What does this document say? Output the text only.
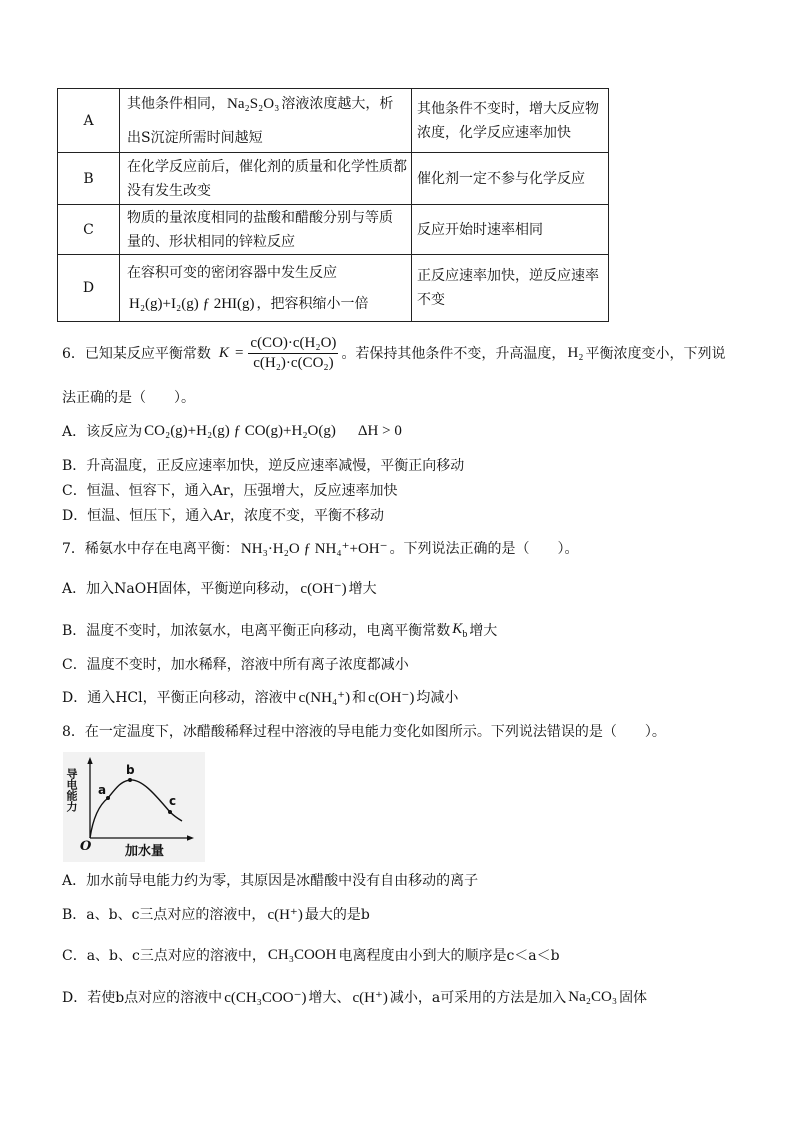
A
其他条件相同， Na₂S₂O₃ 溶液浓度越大，析
出S沉淀所需时间越短
其他条件不变时，增大反应物
浓度，化学反应速率加快
B
在化学反应前后，催化剂的质量和化学性质都
没有发生改变
催化剂一定不参与化学反应
C
物质的量浓度相同的盐酸和醋酸分别与等质
量的、形状相同的锌粒反应
反应开始时速率相同
D
在容积可变的密闭容器中发生反应
H₂(g)+I₂(g) ƒ 2HI(g) ，把容积缩小一倍
正反应速率加快，逆反应速率
不变
6．已知某反应平衡常数 $K = \frac{\text{c(CO)·c(H₂O)}}{\text{c(H₂)·c(CO₂)}}$ 。若保持其他条件不变，升高温度， H₂ 平衡浓度变小，下列说
法正确的是（　　）。
A．该反应为 CO₂(g)+H₂(g) ƒ CO(g)+H₂O(g) ΔH > 0
B．升高温度，正反应速率加快，逆反应速率减慢，平衡正向移动
C．恒温、恒容下，通入Ar，压强增大，反应速率加快
D．恒温、恒压下，通入Ar，浓度不变，平衡不移动
7．稀氨水中存在电离平衡： NH₃·H₂O ƒ NH₄⁺+OH⁻ 。下列说法正确的是（　　）。
A．加入NaOH固体，平衡逆向移动， c(OH⁻) 增大
B．温度不变时，加浓氨水，电离平衡正向移动，电离平衡常数 $K_b$ 增大
C．温度不变时，加水稀释，溶液中所有离子浓度都减小
D．通入HCl，平衡正向移动，溶液中 c(NH₄⁺) 和 c(OH⁻) 均减小
8．在一定温度下，冰醋酸稀释过程中溶液的导电能力变化如图所示。下列说法错误的是（　　）。
导电能力 a
b
c
O	加水量
A．加水前导电能力约为零，其原因是冰醋酸中没有自由移动的离子
B．a、b、c三点对应的溶液中， c(H⁺) 最大的是b
C．a、b、c三点对应的溶液中， CH₃COOH 电离程度由小到大的顺序是c＜a＜b
D．若使b点对应的溶液中 c(CH₃COO⁻) 增大、 c(H⁺) 减小，a可采用的方法是加入 Na₂CO₃ 固体
